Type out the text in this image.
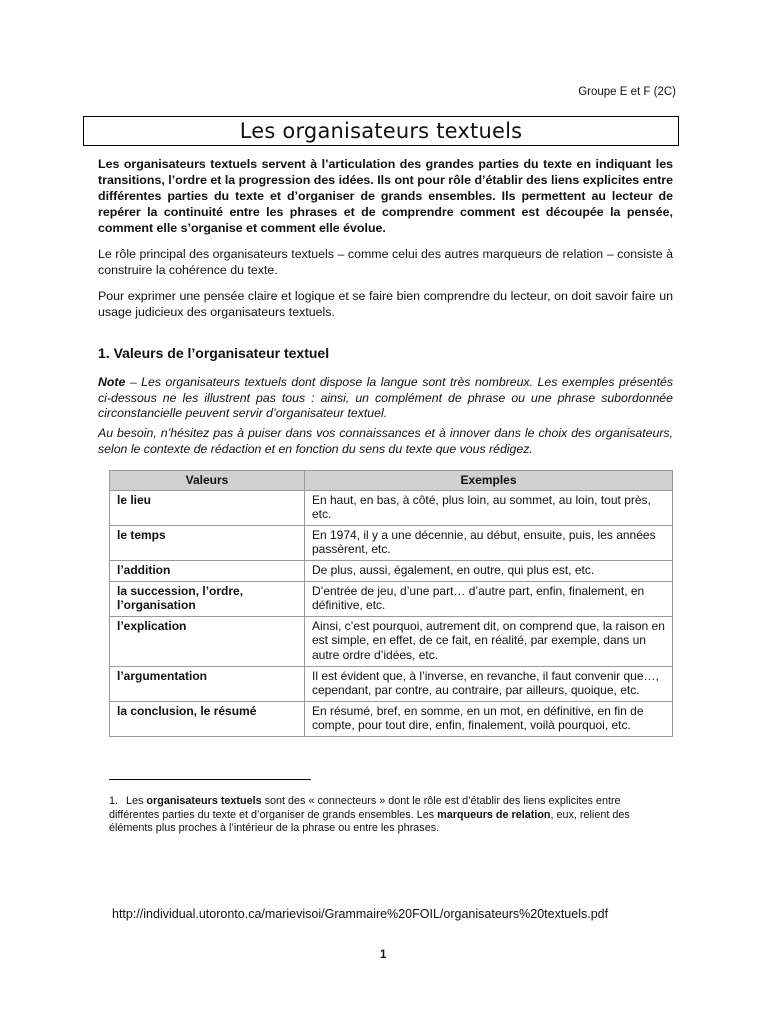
Groupe E et F (2C)
Les organisateurs textuels
Les organisateurs textuels servent à l’articulation des grandes parties du texte en indiquant les transitions, l’ordre et la progression des idées. Ils ont pour rôle d’établir des liens explicites entre différentes parties du texte et d’organiser de grands ensembles. Ils permettent au lecteur de repérer la continuité entre les phrases et de comprendre comment est découpée la pensée, comment elle s’organise et comment elle évolue.
Le rôle principal des organisateurs textuels – comme celui des autres marqueurs de relation – consiste à construire la cohérence du texte.
Pour exprimer une pensée claire et logique et se faire bien comprendre du lecteur, on doit savoir faire un usage judicieux des organisateurs textuels.
1. Valeurs de l’organisateur textuel
Note – Les organisateurs textuels dont dispose la langue sont très nombreux. Les exemples présentés ci-dessous ne les illustrent pas tous : ainsi, un complément de phrase ou une phrase subordonnée circonstancielle peuvent servir d’organisateur textuel.
Au besoin, n’hésitez pas à puiser dans vos connaissances et à innover dans le choix des organisateurs, selon le contexte de rédaction et en fonction du sens du texte que vous rédigez.
Valeurs	Exemples
le lieu	En haut, en bas, à côté, plus loin, au sommet, au loin, tout près, etc.
le temps	En 1974, il y a une décennie, au début, ensuite, puis, les années passèrent, etc.
l’addition	De plus, aussi, également, en outre, qui plus est, etc.
la succession, l’ordre, l’organisation	D’entrée de jeu, d’une part… d’autre part, enfin, finalement, en définitive, etc.
l’explication	Ainsi, c’est pourquoi, autrement dit, on comprend que, la raison en est simple, en effet, de ce fait, en réalité, par exemple, dans un autre ordre d’idées, etc.
l’argumentation	Il est évident que, à l’inverse, en revanche, il faut convenir que…, cependant, par contre, au contraire, par ailleurs, quoique, etc.
la conclusion, le résumé	En résumé, bref, en somme, en un mot, en définitive, en fin de compte, pour tout dire, enfin, finalement, voilà pourquoi, etc.
1. Les organisateurs textuels sont des « connecteurs » dont le rôle est d’établir des liens explicites entre différentes parties du texte et d’organiser de grands ensembles. Les marqueurs de relation, eux, relient des éléments plus proches à l’intérieur de la phrase ou entre les phrases.
http://individual.utoronto.ca/marievisoi/Grammaire%20FOIL/organisateurs%20textuels.pdf
1
